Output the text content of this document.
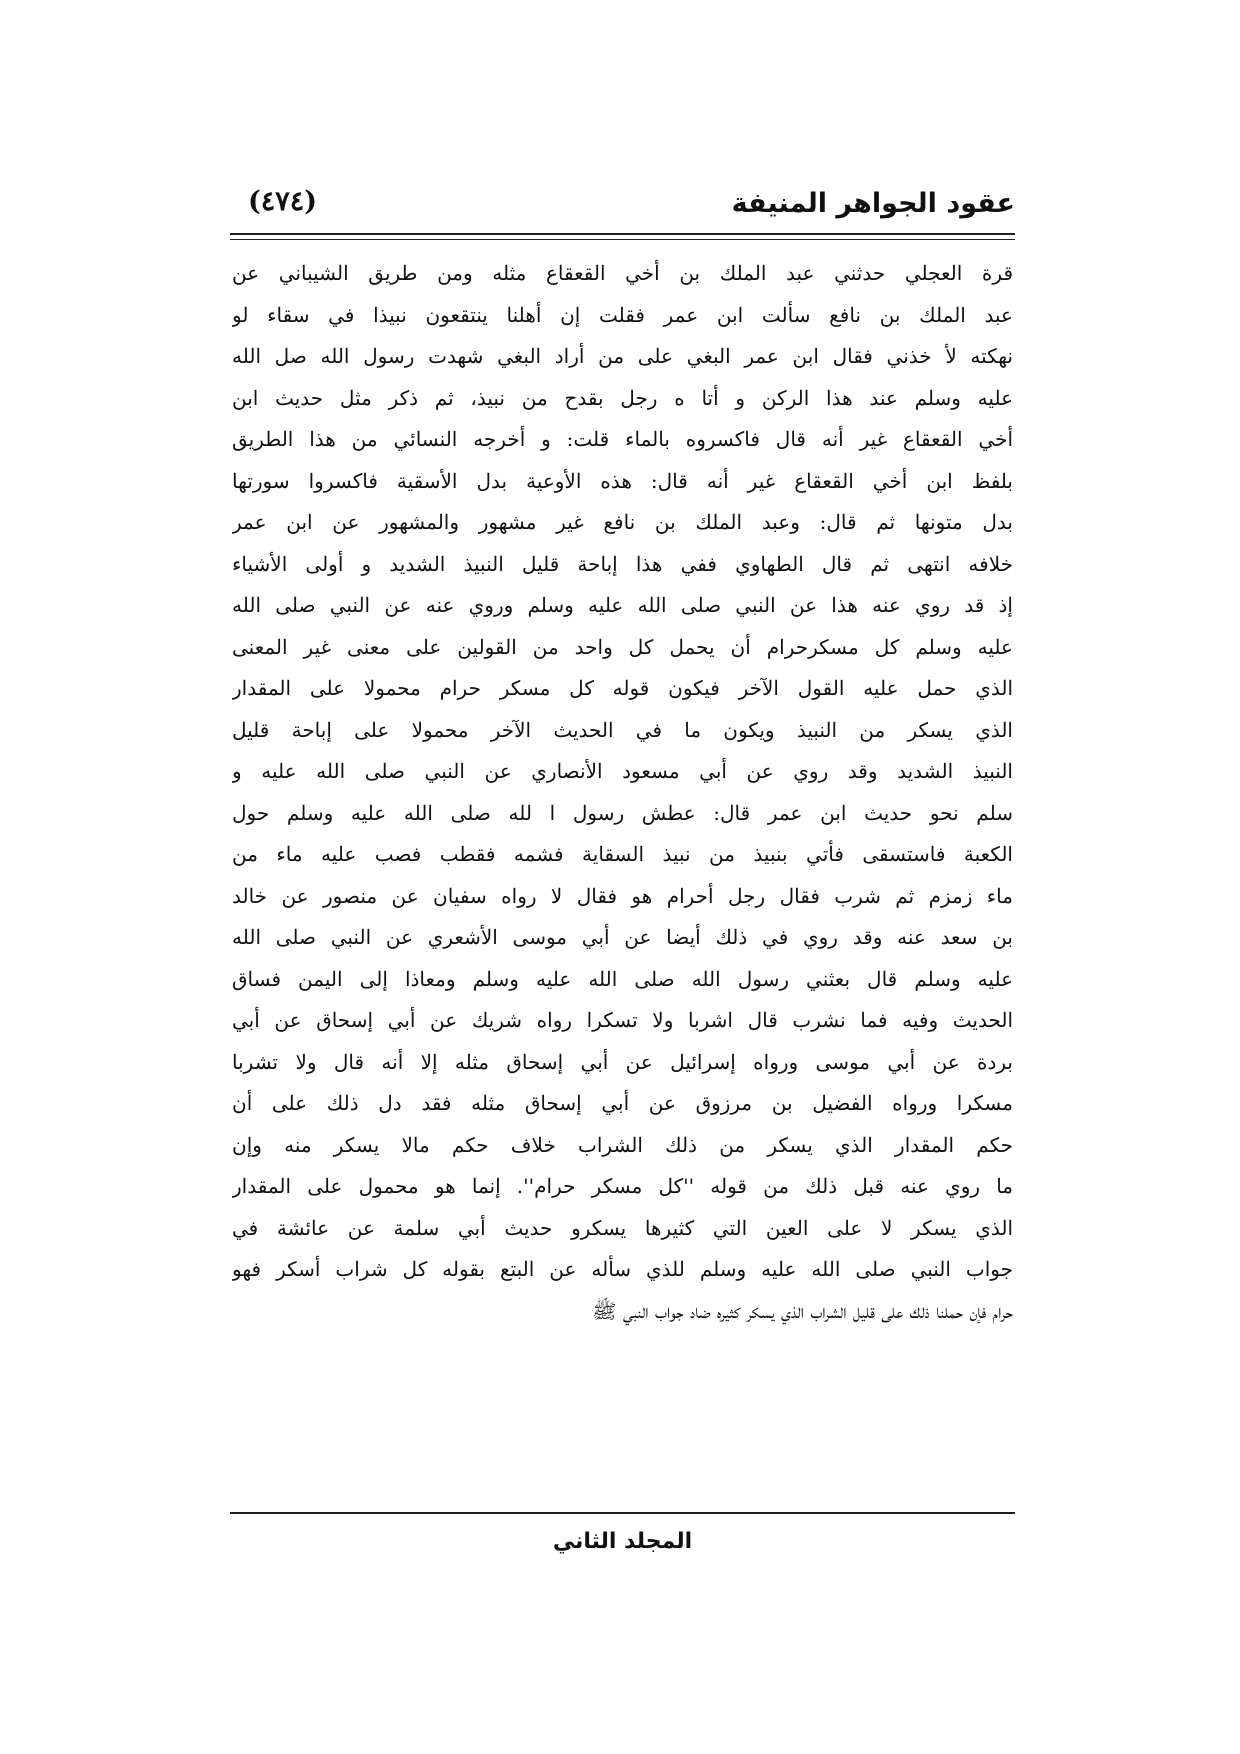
عقود الجواهر المنيفة
(٤٧٤)
قرة العجلي حدثني عبد الملك بن أخي القعقاع مثله ومن طريق الشيباني عن
عبد الملك بن نافع سألت ابن عمر فقلت إن أهلنا ينتقعون نبيذا في سقاء لو
نهكته لأ خذني فقال ابن عمر البغي على من أراد البغي شهدت رسول الله صل الله
عليه وسلم عند هذا الركن و أتا ه رجل بقدح من نبيذ، ثم ذكر مثل حديث ابن
أخي القعقاع غير أنه قال فاكسروه بالماء قلت: و أخرجه النسائي من هذا الطريق
بلفظ ابن أخي القعقاع غير أنه قال: هذه الأوعية بدل الأسقية فاكسروا سورتها
بدل متونها ثم قال: وعبد الملك بن نافع غير مشهور والمشهور عن ابن عمر
خلافه انتهى ثم قال الطهاوي ففي هذا إباحة قليل النبيذ الشديد و أولى الأشياء
إذ قد روي عنه هذا عن النبي صلى الله عليه وسلم وروي عنه عن النبي صلى الله
عليه وسلم كل مسكرحرام أن يحمل كل واحد من القولين على معنى غير المعنى
الذي حمل عليه القول الآخر فيكون قوله كل مسكر حرام محمولا على المقدار
الذي يسكر من النبيذ ويكون ما في الحديث الآخر محمولا على إباحة قليل
النبيذ الشديد وقد روي عن أبي مسعود الأنصاري عن النبي صلى الله عليه و
سلم نحو حديث ابن عمر قال: عطش رسول ا لله صلى الله عليه وسلم حول
الكعبة فاستسقى فأتي بنبيذ من نبيذ السقاية فشمه فقطب فصب عليه ماء من
ماء زمزم ثم شرب فقال رجل أحرام هو فقال لا رواه سفيان عن منصور عن خالد
بن سعد عنه وقد روي في ذلك أيضا عن أبي موسى الأشعري عن النبي صلى الله
عليه وسلم قال بعثني رسول الله صلى الله عليه وسلم ومعاذا إلى اليمن فساق
الحديث وفيه فما نشرب قال اشربا ولا تسكرا رواه شريك عن أبي إسحاق عن أبي
بردة عن أبي موسى ورواه إسرائيل عن أبي إسحاق مثله إلا أنه قال ولا تشربا
مسكرا ورواه الفضيل بن مرزوق عن أبي إسحاق مثله فقد دل ذلك على أن
حكم المقدار الذي يسكر من ذلك الشراب خلاف حكم مالا يسكر منه وإن
ما روي عنه قبل ذلك من قوله ''كل مسكر حرام''. إنما هو محمول على المقدار
الذي يسكر لا على العين التي كثيرها يسكرو حديث أبي سلمة عن عائشة في
جواب النبي صلى الله عليه وسلم للذي سأله عن البتع بقوله كل شراب أسكر فهو
حرام فإن حملنا ذلك على قليل الشراب الذي يسكر كثيره ضاد جواب النبي ﷺ
المجلد الثاني
